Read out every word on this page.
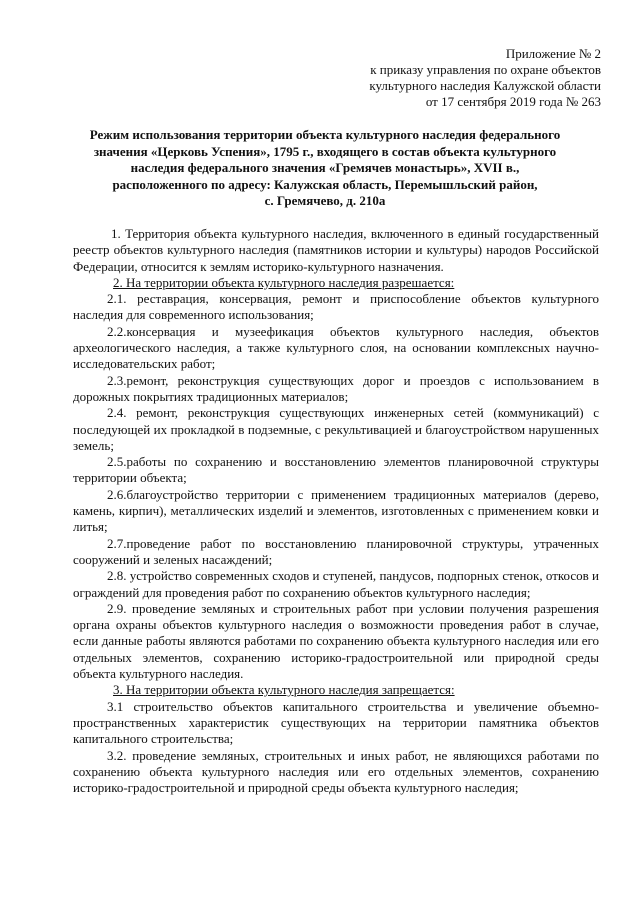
Приложение № 2
к приказу управления по охране объектов
культурного наследия Калужской области
от 17 сентября 2019 года № 263
Режим использования территории объекта культурного наследия федерального
значения «Церковь Успения», 1795 г., входящего в состав объекта культурного
наследия федерального значения «Гремячев монастырь», XVII в.,
расположенного по адресу: Калужская область, Перемышльский район,
с. Гремячево, д. 210а

1. Территория объекта культурного наследия, включенного в единый государственный реестр объектов культурного наследия (памятников истории и культуры) народов Российской Федерации, относится к землям историко-культурного назначения.

2. На территории объекта культурного наследия разрешается:

2.1. реставрация, консервация, ремонт и приспособление объектов культурного наследия для современного использования;

2.2.консервация и музеефикация объектов культурного наследия, объектов археологического наследия, а также культурного слоя, на основании комплексных научно-исследовательских работ;

2.3.ремонт, реконструкция существующих дорог и проездов с использованием в дорожных покрытиях традиционных материалов;

2.4. ремонт, реконструкция существующих инженерных сетей (коммуникаций) с последующей их прокладкой в подземные, с рекультивацией и благоустройством нарушенных земель;

2.5.работы по сохранению и восстановлению элементов планировочной структуры территории объекта;

2.6.благоустройство территории с применением традиционных материалов (дерево, камень, кирпич), металлических изделий и элементов, изготовленных с применением ковки и литья;

2.7.проведение работ по восстановлению планировочной структуры, утраченных сооружений и зеленых насаждений;

2.8. устройство современных сходов и ступеней, пандусов, подпорных стенок, откосов и ограждений для проведения работ по сохранению объектов культурного наследия;

2.9. проведение земляных и строительных работ при условии получения разрешения органа охраны объектов культурного наследия о возможности проведения работ в случае, если данные работы являются работами по сохранению объекта культурного наследия или его отдельных элементов, сохранению историко-градостроительной или природной среды объекта культурного наследия.

3. На территории объекта культурного наследия запрещается:

3.1 строительство объектов капитального строительства и увеличение объемно-пространственных характеристик существующих на территории памятника объектов капитального строительства;

3.2. проведение земляных, строительных и иных работ, не являющихся работами по сохранению объекта культурного наследия или его отдельных элементов, сохранению историко-градостроительной и природной среды объекта культурного наследия;
